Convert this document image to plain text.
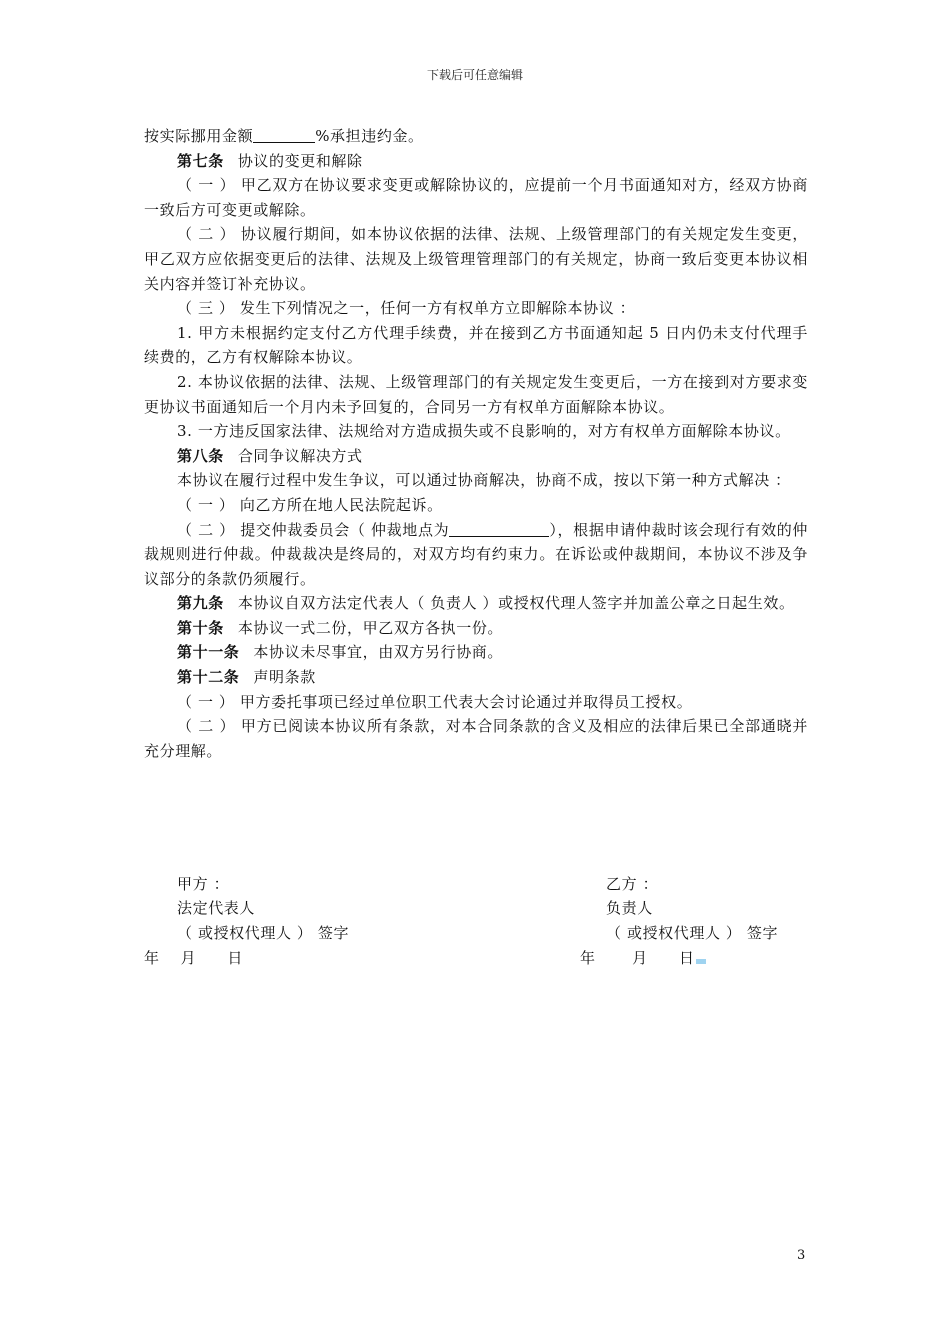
下载后可任意编辑

按实际挪用金额	%承担违约金。

第七条 协议的变更和解除

（ 一 ） 甲乙双方在协议要求变更或解除协议的，应提前一个月书面通知对方，经双方协商一致后方可变更或解除。

（ 二 ） 协议履行期间，如本协议依据的法律、法规、上级管理部门的有关规定发生变更，甲乙双方应依据变更后的法律、法规及上级管理管理部门的有关规定，协商一致后变更本协议相关内容并签订补充协议。

（ 三 ） 发生下列情况之一，任何一方有权单方立即解除本协议 ：

1. 甲方未根据约定支付乙方代理手续费，并在接到乙方书面通知起 5 日内仍未支付代理手续费的，乙方有权解除本协议。

2. 本协议依据的法律、法规、上级管理部门的有关规定发生变更后，一方在接到对方要求变更协议书面通知后一个月内未予回复的，合同另一方有权单方面解除本协议。

3. 一方违反国家法律、法规给对方造成损失或不良影响的，对方有权单方面解除本协议。

第八条 合同争议解决方式

本协议在履行过程中发生争议，可以通过协商解决，协商不成，按以下第一种方式解决 ：

（ 一 ） 向乙方所在地人民法院起诉。

（ 二 ） 提交仲裁委员会（ 仲裁地点为	），根据申请仲裁时该会现行有效的仲裁规则进行仲裁。仲裁裁决是终局的，对双方均有约束力。在诉讼或仲裁期间，本协议不涉及争议部分的条款仍须履行。

第九条 本协议自双方法定代表人（ 负责人 ）或授权代理人签字并加盖公章之日起生效。

第十条 本协议一式二份，甲乙双方各执一份。

第十一条 本协议未尽事宜，由双方另行协商。

第十二条 声明条款

（ 一 ） 甲方委托事项已经过单位职工代表大会讨论通过并取得员工授权。

（ 二 ） 甲方已阅读本协议所有条款，对本合同条款的含义及相应的法律后果已全部通晓并充分理解。

甲方 ：
法定代表人
（ 或授权代理人 ） 签字
年　 月　　日
乙方 ：
负责人
（ 或授权代理人 ） 签字
年　　 月　　日
3
